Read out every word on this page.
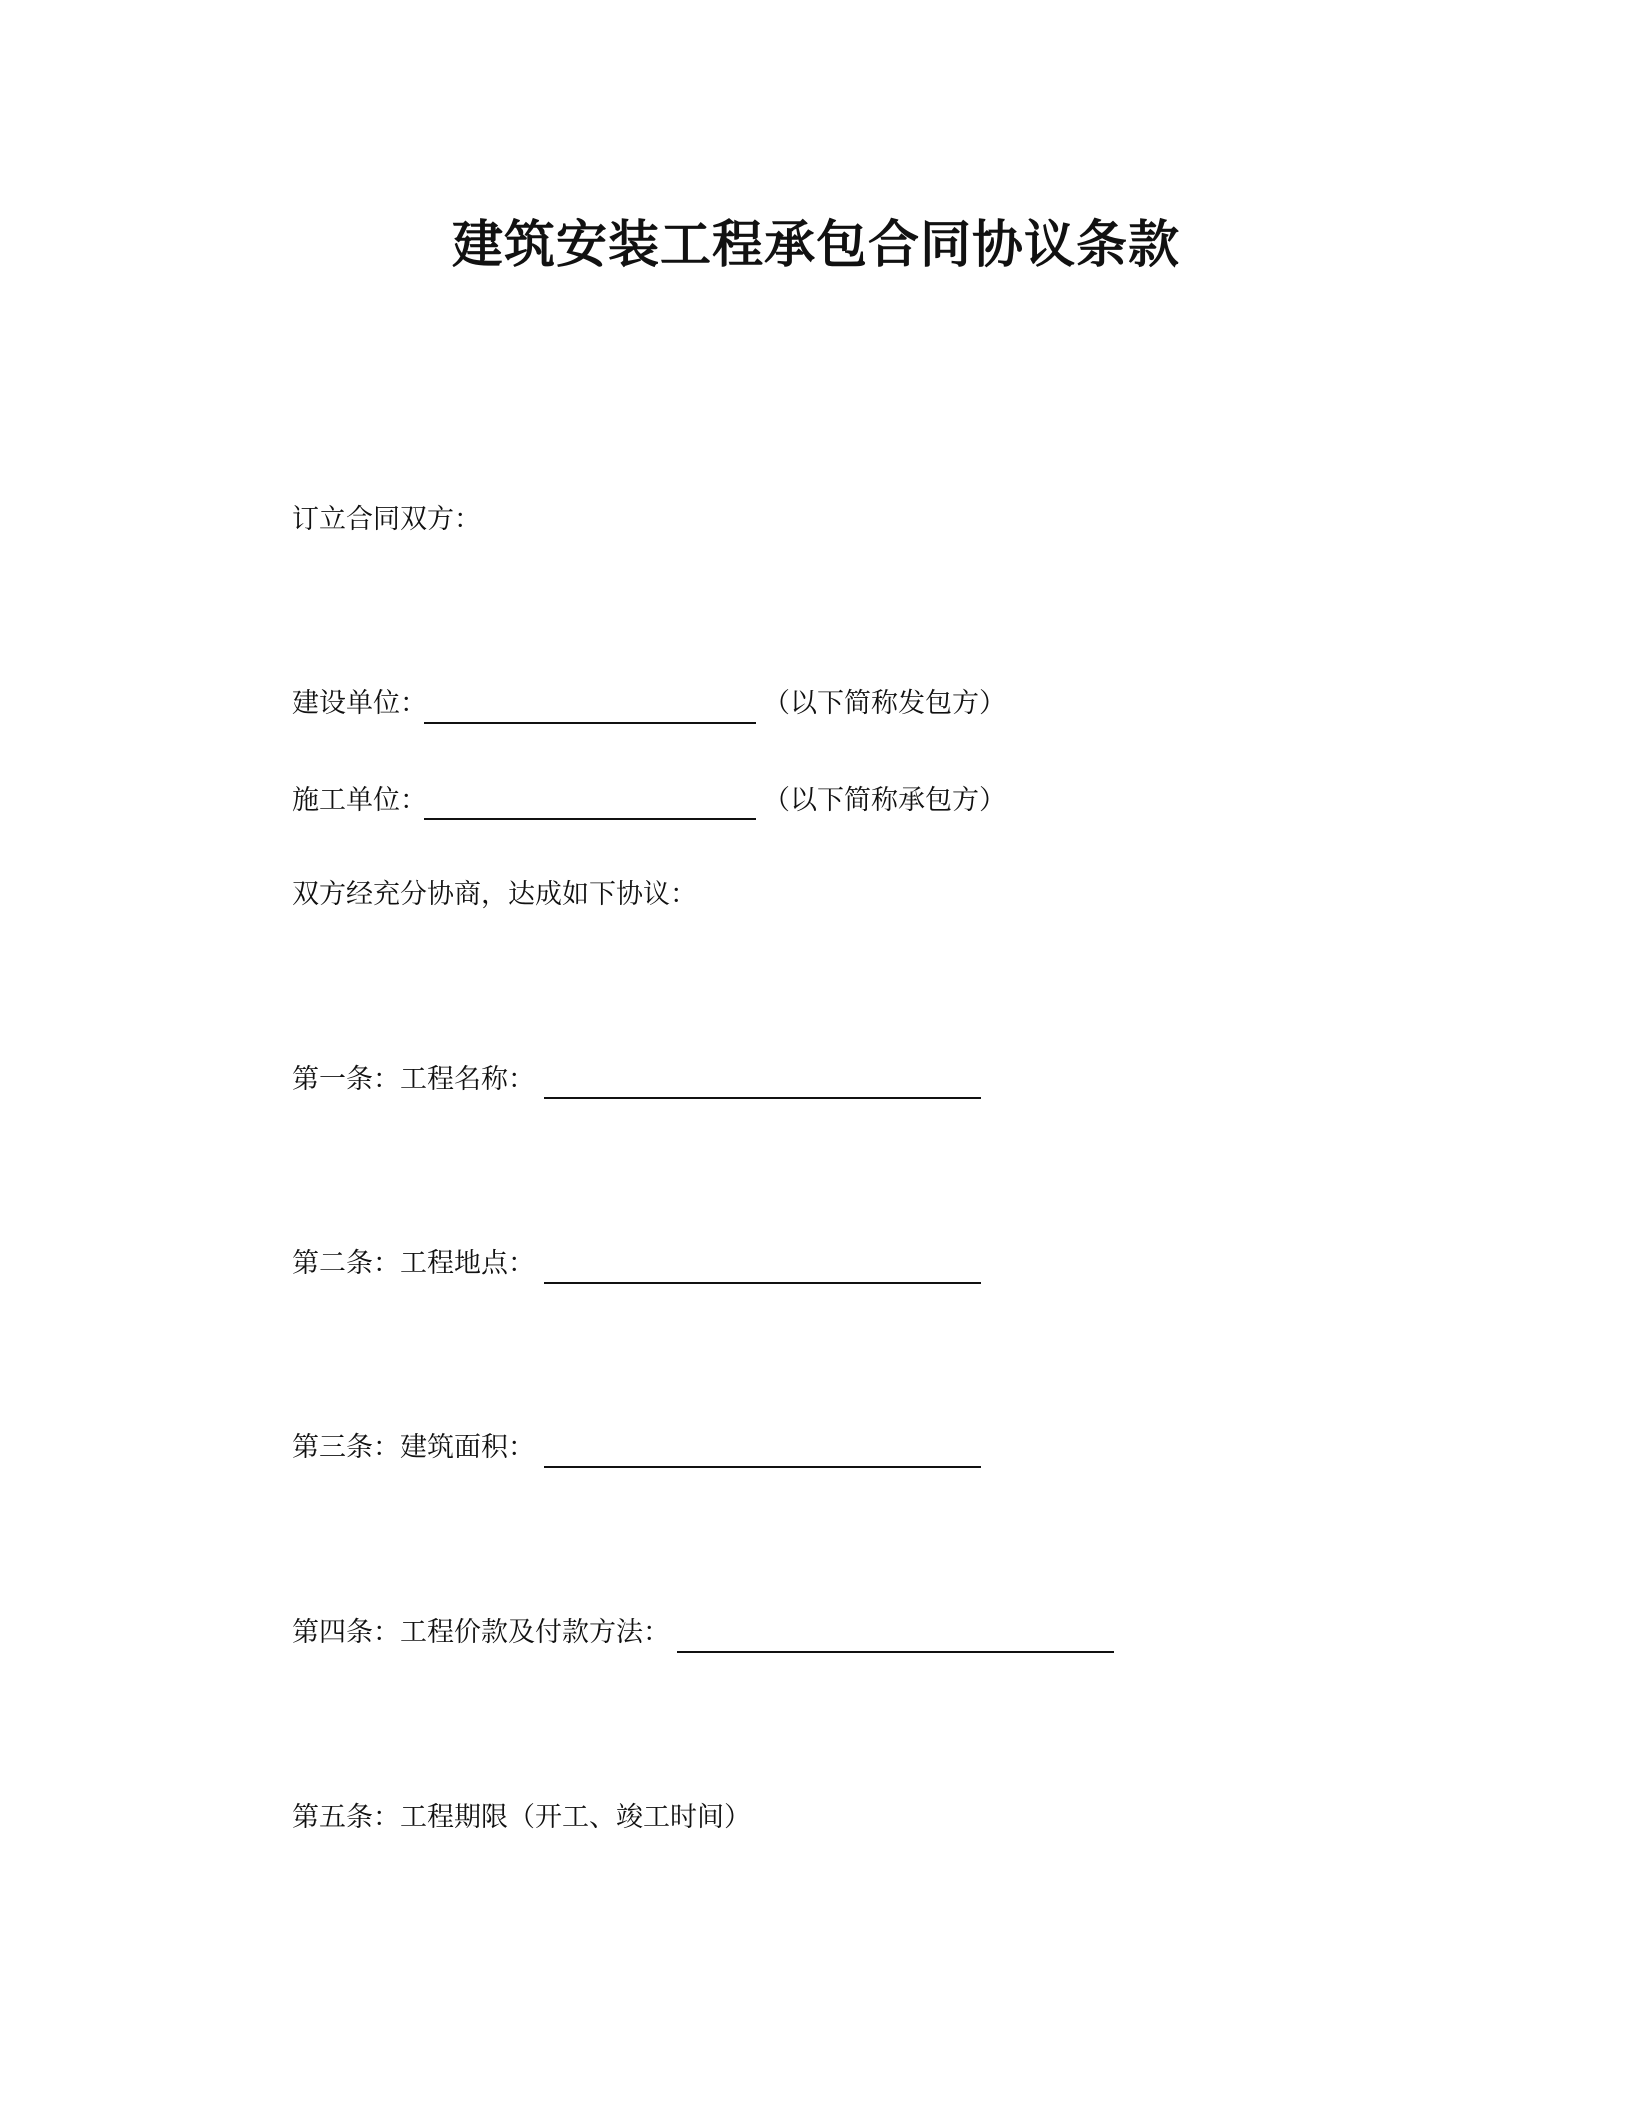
建筑安装工程承包合同协议条款
订立合同双方：
建设单位：	（以下简称发包方）
施工单位：	（以下简称承包方）
双方经充分协商，达成如下协议：
第一条：工程名称：
第二条：工程地点：
第三条：建筑面积：
第四条：工程价款及付款方法：
第五条：工程期限（开工、竣工时间）
